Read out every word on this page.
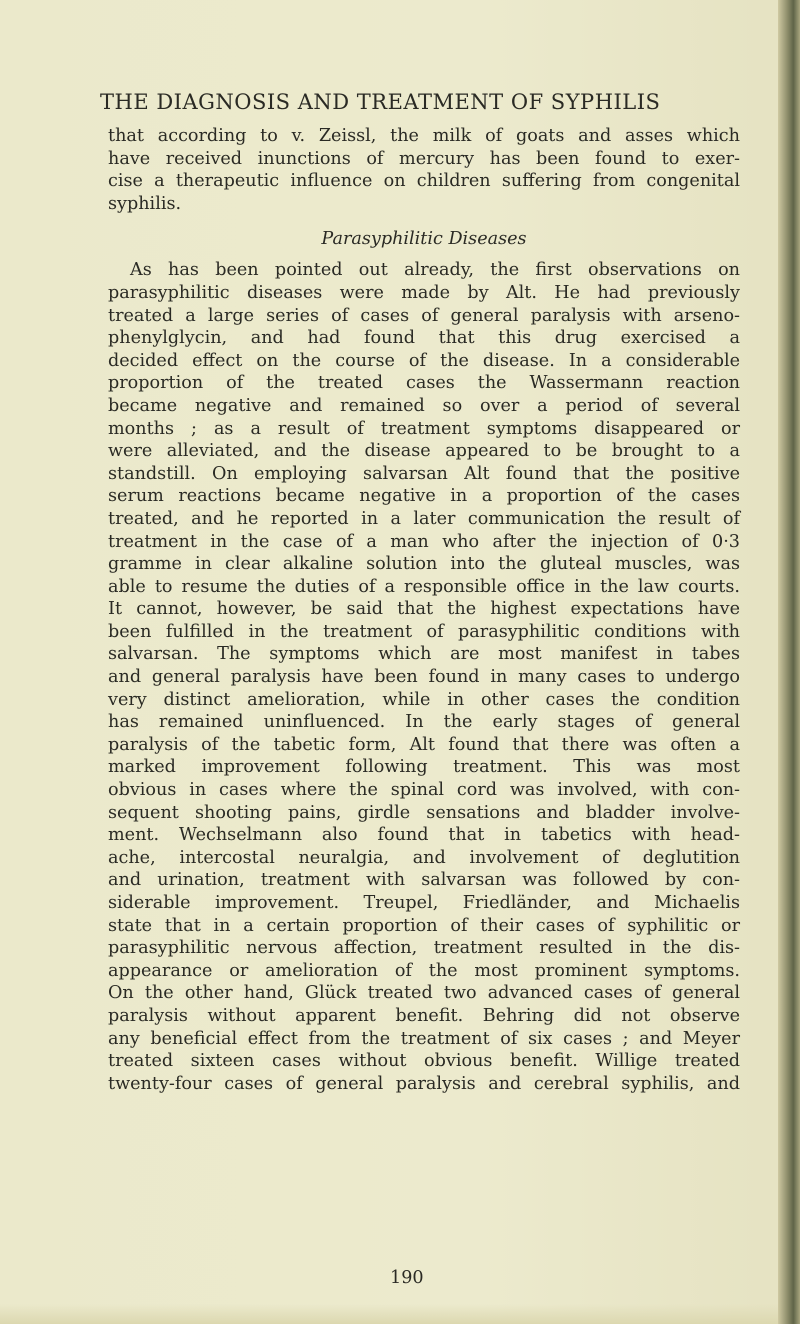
THE DIAGNOSIS AND TREATMENT OF SYPHILIS
that according to v. Zeissl, the milk of goats and asses which
have received inunctions of mercury has been found to exer-
cise a therapeutic influence on children suffering from congenital
syphilis.
Parasyphilitic Diseases
As has been pointed out already, the first observations on
parasyphilitic diseases were made by Alt. He had previously
treated a large series of cases of general paralysis with arseno-
phenylglycin, and had found that this drug exercised a
decided effect on the course of the disease. In a considerable
proportion of the treated cases the Wassermann reaction
became negative and remained so over a period of several
months ; as a result of treatment symptoms disappeared or
were alleviated, and the disease appeared to be brought to a
standstill. On employing salvarsan Alt found that the positive
serum reactions became negative in a proportion of the cases
treated, and he reported in a later communication the result of
treatment in the case of a man who after the injection of 0·3
gramme in clear alkaline solution into the gluteal muscles, was
able to resume the duties of a responsible office in the law courts.
It cannot, however, be said that the highest expectations have
been fulfilled in the treatment of parasyphilitic conditions with
salvarsan. The symptoms which are most manifest in tabes
and general paralysis have been found in many cases to undergo
very distinct amelioration, while in other cases the condition
has remained uninfluenced. In the early stages of general
paralysis of the tabetic form, Alt found that there was often a
marked improvement following treatment. This was most
obvious in cases where the spinal cord was involved, with con-
sequent shooting pains, girdle sensations and bladder involve-
ment. Wechselmann also found that in tabetics with head-
ache, intercostal neuralgia, and involvement of deglutition
and urination, treatment with salvarsan was followed by con-
siderable improvement. Treupel, Friedländer, and Michaelis
state that in a certain proportion of their cases of syphilitic or
parasyphilitic nervous affection, treatment resulted in the dis-
appearance or amelioration of the most prominent symptoms.
On the other hand, Glück treated two advanced cases of general
paralysis without apparent benefit. Behring did not observe
any beneficial effect from the treatment of six cases ; and Meyer
treated sixteen cases without obvious benefit. Willige treated
twenty-four cases of general paralysis and cerebral syphilis, and

190
